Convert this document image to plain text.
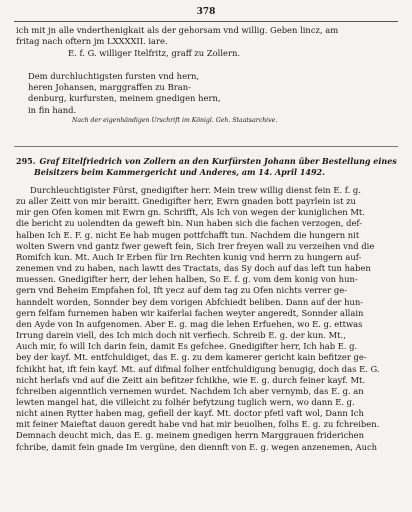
378
ich mit jn alle vnderthenigkait als der gehorsam vnd willig. Geben lincz, am
fritag nach oftern jm LXXXXII. iare.
E. f. G. williger Itelfritz, graff zu Zollern.
Dem durchluchtigsten fursten vnd hern,
heren Johansen, marggraffen zu Bran-
denburg, kurfursten, meinem gnedigen hern,
in fin hand.
Nach der eigenhändigen Urschrift im Königl. Geh. Staatsarchive.
295. Graf Eitelfriedrich von Zollern an den Kurfürsten Johann über Bestellung eines
Beisitzers beim Kammergericht und Anderes, am 14. April 1492.
Durchleuchtigister Fürst, gnedigifter herr. Mein trew willig dienst fein E. f. g.
zu aller Zeitt von mir beraitt. Gnedigifter herr, Ewrn gnaden bott payrlein ist zu
mir gen Ofen komen mit Ewrn gn. Schrifft, Als Ich von wegen der kuniglichen Mt.
die bericht zu uolendten da geweft bin. Nun haben sich die fachen verzogen, def-
halben Ich E. F. g. nicht Ee hab mugen pottfchafft tun. Nachdem die hungern nit
wolten Swern vnd gantz fwer geweft fein, Sich Irer freyen wall zu verzeihen vnd die
Romifch kun. Mt. Auch Ir Erben für Irn Rechten kunig vnd herrn zu hungern auf-
zenemen vnd zu haben, nach lawtt des Tractats, das Sy doch auf das left tun haben
muessen. Gnedigifter herr, der lehen halben, So E. f. g. vom dem konig von hun-
gern vnd Beheim Empfahen fol, Ift yecz auf dem tag zu Ofen nichts verrer ge-
hanndelt worden, Sonnder bey dem vorigen Abfchiedt beliben. Dann auf der hun-
gern felfam furnemen haben wir kaiferlai fachen weyter angeredt, Sonnder allain
den Ayde von In aufgenomen. Aber E. g. mag die lehen Erfuehen, wo E. g. ettwas
Irrung darein viell, des Ich mich doch nit verfiech. Schreib E. g. der kun. Mt.,
Auch mir, fo will Ich darin fein, damit Es gefchee. Gnedigifter herr, Ich hab E. g.
bey der kayf. Mt. entfchuldiget, das E. g. zu dem kamerer gericht kain befitzer ge-
fchikht hat, ift fein kayf. Mt. auf difmal folher entfchuldigung benugig, doch das E. G.
nicht herlafs vnd auf die Zeitt ain befitzer fchikhe, wie E. g. durch feiner kayf. Mt.
fchreiben aigenntlich vernemen wurdet. Nachdem Ich aber vernymb, das E. g. an
lewten mangel hat, die villeicht zu folhér befytzung tuglich wern, wo dann E. g.
nicht ainen Rytter haben mag, gefiell der kayf. Mt. doctor pfetl vaft wol, Dann Ich
mit feiner Maieftat dauon geredt habe vnd hat mir beuolhen, folhs E. g. zu fchreiben.
Demnach deucht mich, das E. g. meinem gnedigen herrn Marggrauen friderichen
fchribe, damit fein gnade Im vergüne, den diennft von E. g. wegen anzenemen, Auch
